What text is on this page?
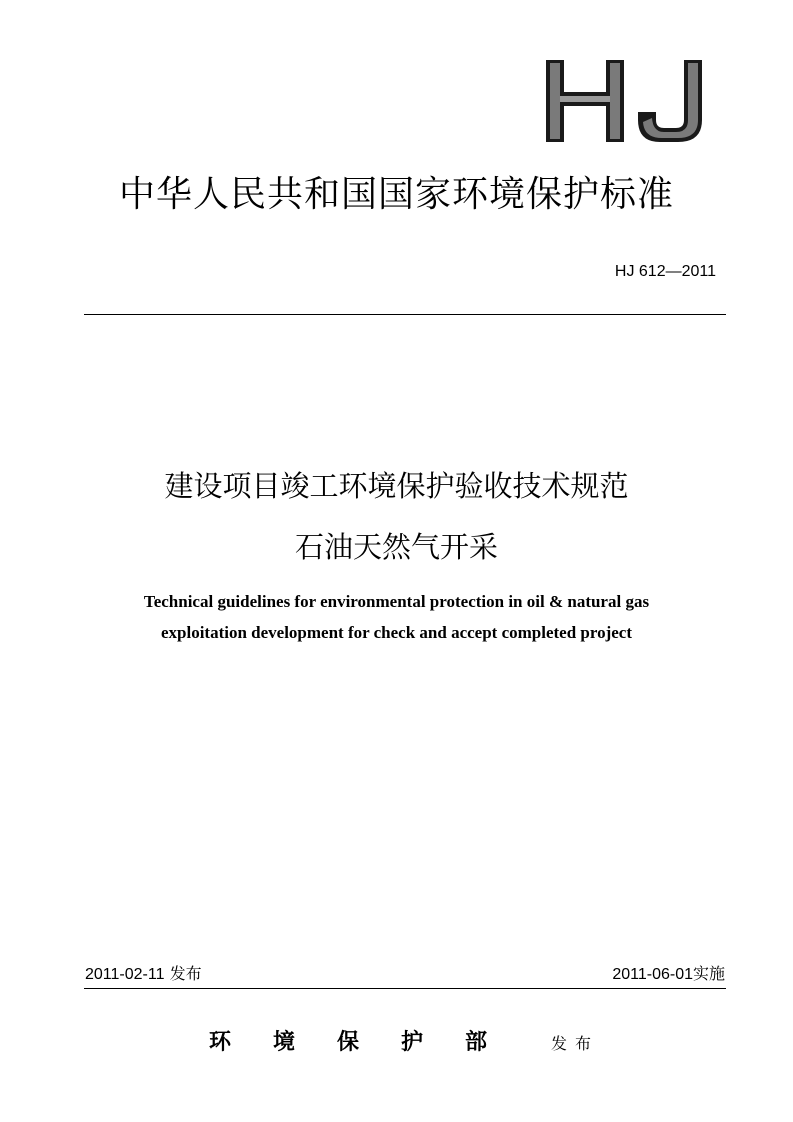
HJ
中华人民共和国国家环境保护标准
HJ 612—2011
建设项目竣工环境保护验收技术规范
石油天然气开采
Technical guidelines for environmental protection in oil & natural gas
exploitation development for check and accept completed project
2011-02-11 发布	2011-06-01实施
环境保护部 发布
